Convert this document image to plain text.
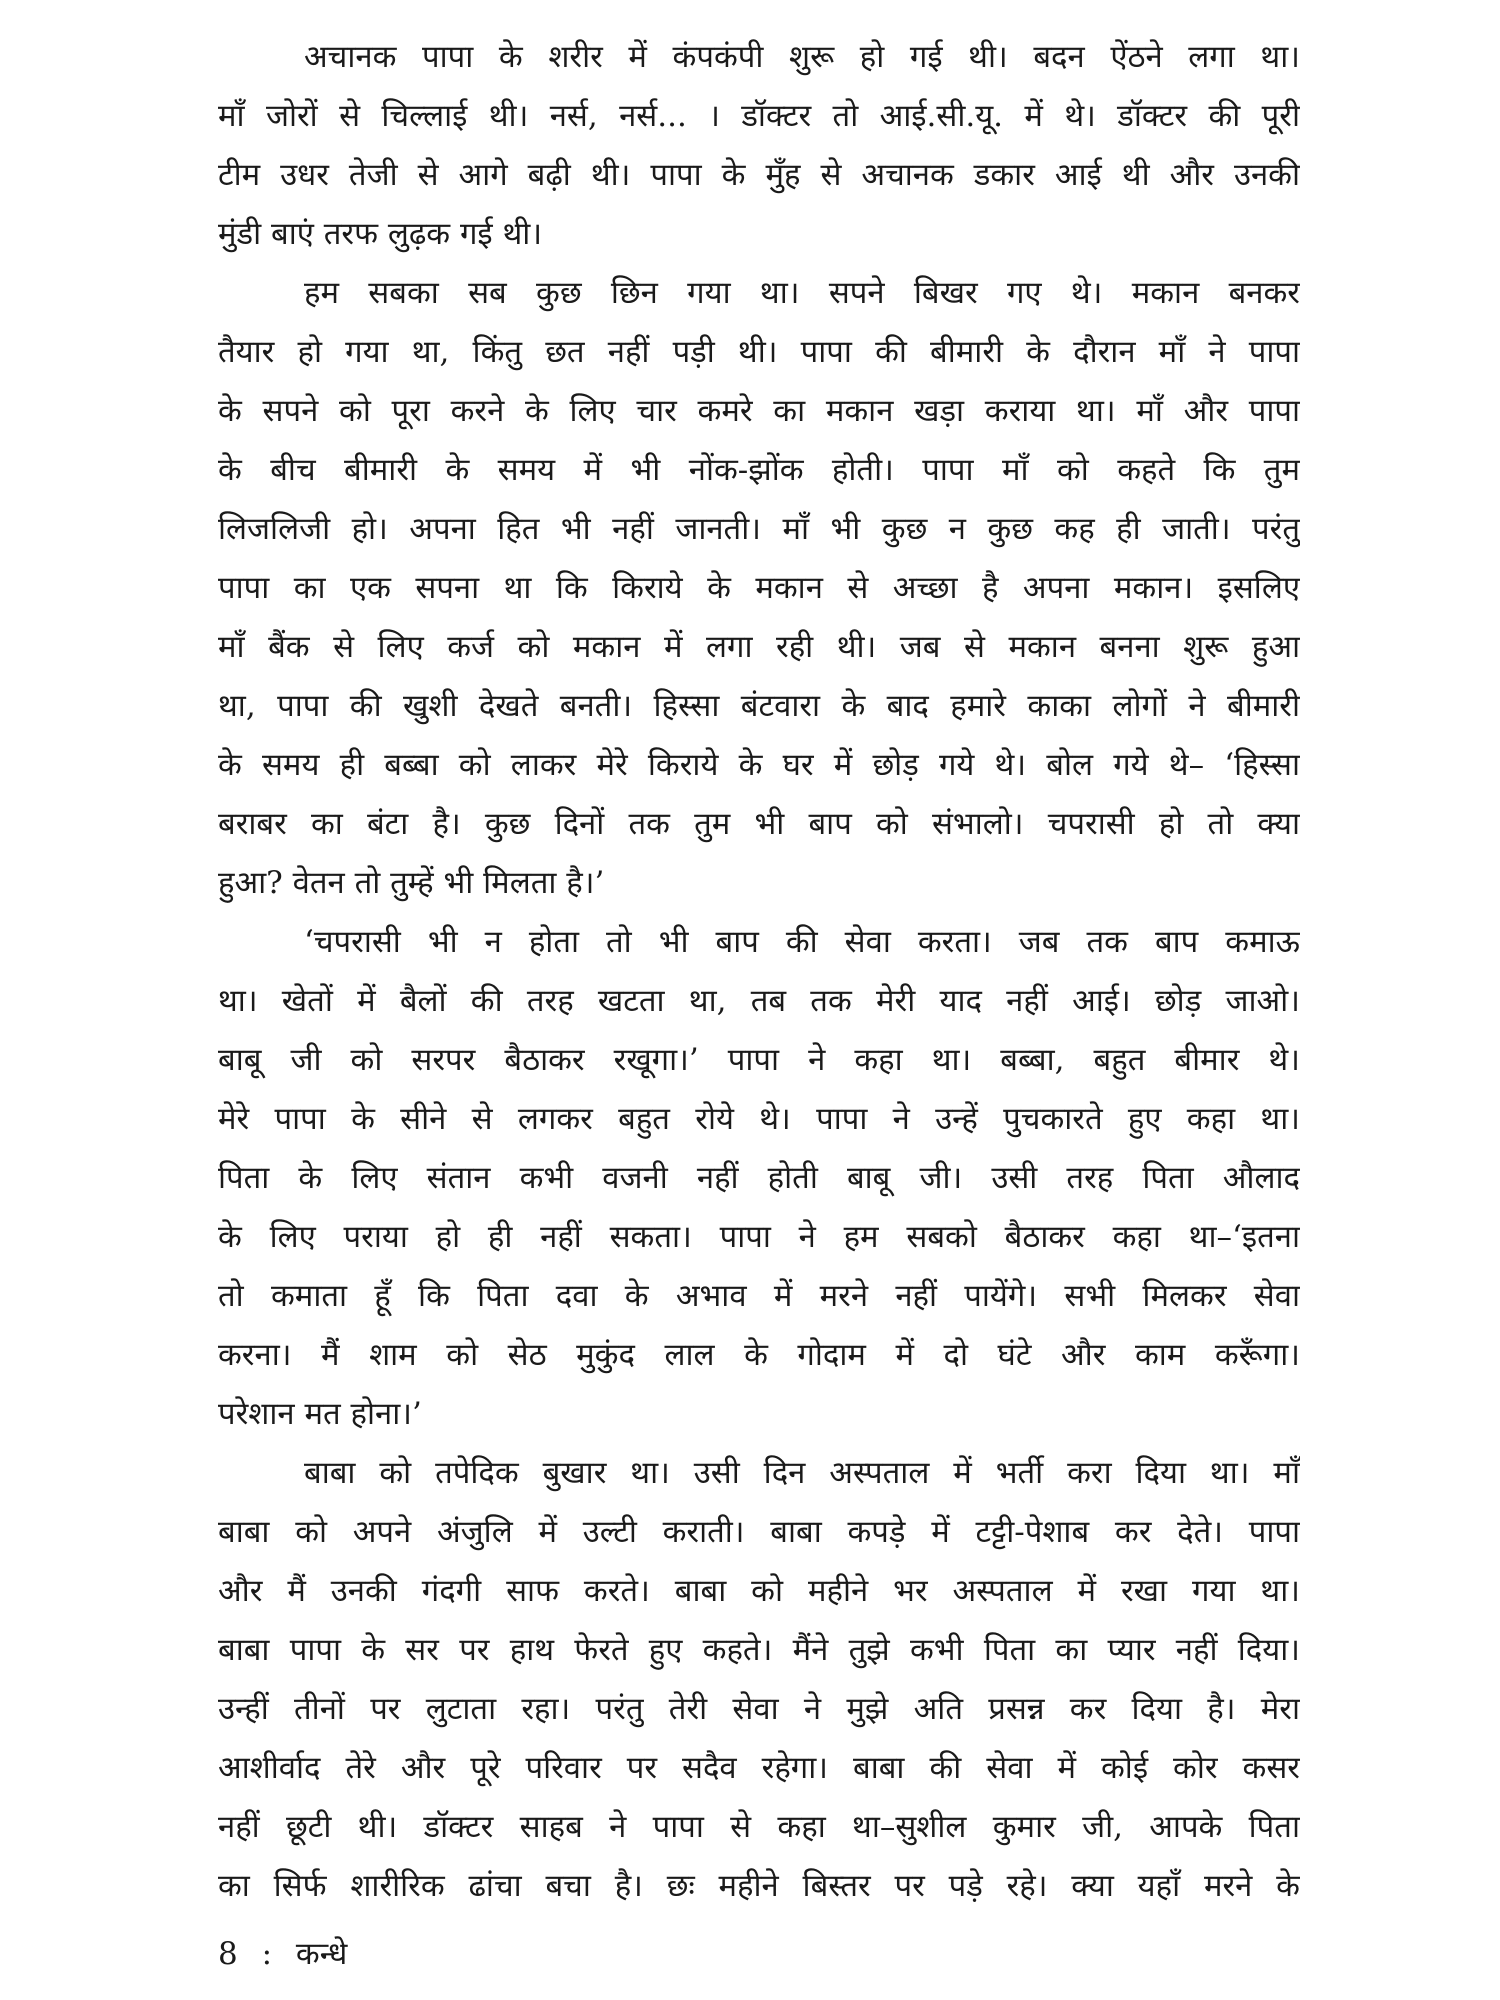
अचानक पापा के शरीर में कंपकंपी शुरू हो गई थी। बदन ऐंठने लगा था।
माँ जोरों से चिल्लाई थी। नर्स, नर्स... । डॉक्टर तो आई.सी.यू. में थे। डॉक्टर की पूरी
टीम उधर तेजी से आगे बढ़ी थी। पापा के मुँह से अचानक डकार आई थी और उनकी
मुंडी बाएं तरफ लुढ़क गई थी।
हम सबका सब कुछ छिन गया था। सपने बिखर गए थे। मकान बनकर
तैयार हो गया था, किंतु छत नहीं पड़ी थी। पापा की बीमारी के दौरान माँ ने पापा
के सपने को पूरा करने के लिए चार कमरे का मकान खड़ा कराया था। माँ और पापा
के बीच बीमारी के समय में भी नोंक-झोंक होती। पापा माँ को कहते कि तुम
लिजलिजी हो। अपना हित भी नहीं जानती। माँ भी कुछ न कुछ कह ही जाती। परंतु
पापा का एक सपना था कि किराये के मकान से अच्छा है अपना मकान। इसलिए
माँ बैंक से लिए कर्ज को मकान में लगा रही थी। जब से मकान बनना शुरू हुआ
था, पापा की खुशी देखते बनती। हिस्सा बंटवारा के बाद हमारे काका लोगों ने बीमारी
के समय ही बब्बा को लाकर मेरे किराये के घर में छोड़ गये थे। बोल गये थे– ‘हिस्सा
बराबर का बंटा है। कुछ दिनों तक तुम भी बाप को संभालो। चपरासी हो तो क्या
हुआ? वेतन तो तुम्हें भी मिलता है।’
‘चपरासी भी न होता तो भी बाप की सेवा करता। जब तक बाप कमाऊ
था। खेतों में बैलों की तरह खटता था, तब तक मेरी याद नहीं आई। छोड़ जाओ।
बाबू जी को सरपर बैठाकर रखूगा।’ पापा ने कहा था। बब्बा, बहुत बीमार थे।
मेरे पापा के सीने से लगकर बहुत रोये थे। पापा ने उन्हें पुचकारते हुए कहा था।
पिता के लिए संतान कभी वजनी नहीं होती बाबू जी। उसी तरह पिता औलाद
के लिए पराया हो ही नहीं सकता। पापा ने हम सबको बैठाकर कहा था–‘इतना
तो कमाता हूँ कि पिता दवा के अभाव में मरने नहीं पायेंगे। सभी मिलकर सेवा
करना। मैं शाम को सेठ मुकुंद लाल के गोदाम में दो घंटे और काम करूँगा।
परेशान मत होना।’
बाबा को तपेदिक बुखार था। उसी दिन अस्पताल में भर्ती करा दिया था। माँ
बाबा को अपने अंजुलि में उल्टी कराती। बाबा कपड़े में टट्टी-पेशाब कर देते। पापा
और मैं उनकी गंदगी साफ करते। बाबा को महीने भर अस्पताल में रखा गया था।
बाबा पापा के सर पर हाथ फेरते हुए कहते। मैंने तुझे कभी पिता का प्यार नहीं दिया।
उन्हीं तीनों पर लुटाता रहा। परंतु तेरी सेवा ने मुझे अति प्रसन्न कर दिया है। मेरा
आशीर्वाद तेरे और पूरे परिवार पर सदैव रहेगा। बाबा की सेवा में कोई कोर कसर
नहीं छूटी थी। डॉक्टर साहब ने पापा से कहा था–सुशील कुमार जी, आपके पिता
का सिर्फ शारीरिक ढांचा बचा है। छः महीने बिस्तर पर पड़े रहे। क्या यहाँ मरने के
8 : कन्धे
